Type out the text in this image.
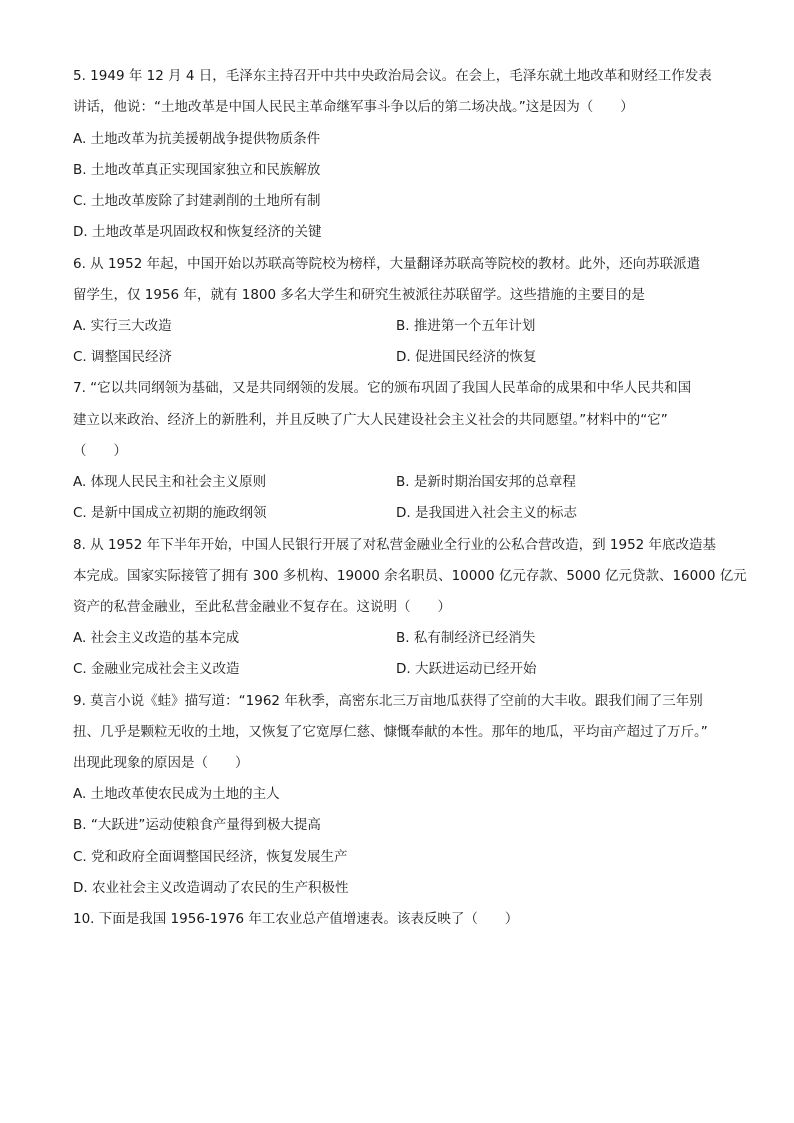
5. 1949 年 12 月 4 日，毛泽东主持召开中共中央政治局会议。在会上，毛泽东就土地改革和财经工作发表
讲话，他说：“土地改革是中国人民民主革命继军事斗争以后的第二场决战。”这是因为（　　）
A. 土地改革为抗美援朝战争提供物质条件
B. 土地改革真正实现国家独立和民族解放
C. 土地改革废除了封建剥削的土地所有制
D. 土地改革是巩固政权和恢复经济的关键
6. 从 1952 年起，中国开始以苏联高等院校为榜样，大量翻译苏联高等院校的教材。此外，还向苏联派遣
留学生，仅 1956 年，就有 1800 多名大学生和研究生被派往苏联留学。这些措施的主要目的是
A. 实行三大改造	B. 推进第一个五年计划
C. 调整国民经济	D. 促进国民经济的恢复
7. “它以共同纲领为基础，又是共同纲领的发展。它的颁布巩固了我国人民革命的成果和中华人民共和国
建立以来政治、经济上的新胜利，并且反映了广大人民建设社会主义社会的共同愿望。”材料中的“它”
（　　）
A. 体现人民民主和社会主义原则	B. 是新时期治国安邦的总章程
C. 是新中国成立初期的施政纲领	D. 是我国进入社会主义的标志
8. 从 1952 年下半年开始，中国人民银行开展了对私营金融业全行业的公私合营改造，到 1952 年底改造基
本完成。国家实际接管了拥有 300 多机构、19000 余名职员、10000 亿元存款、5000 亿元贷款、16000 亿元
资产的私营金融业，至此私营金融业不复存在。这说明（　　）
A. 社会主义改造的基本完成	B. 私有制经济已经消失
C. 金融业完成社会主义改造	D. 大跃进运动已经开始
9. 莫言小说《蛙》描写道：“1962 年秋季，高密东北三万亩地瓜获得了空前的大丰收。跟我们闹了三年别
扭、几乎是颗粒无收的土地，又恢复了它宽厚仁慈、慷慨奉献的本性。那年的地瓜，平均亩产超过了万斤。”
出现此现象的原因是（　　）
A. 土地改革使农民成为土地的主人
B. “大跃进”运动使粮食产量得到极大提高
C. 党和政府全面调整国民经济，恢复发展生产
D. 农业社会主义改造调动了农民的生产积极性
10. 下面是我国 1956-1976 年工农业总产值增速表。该表反映了（　　）
